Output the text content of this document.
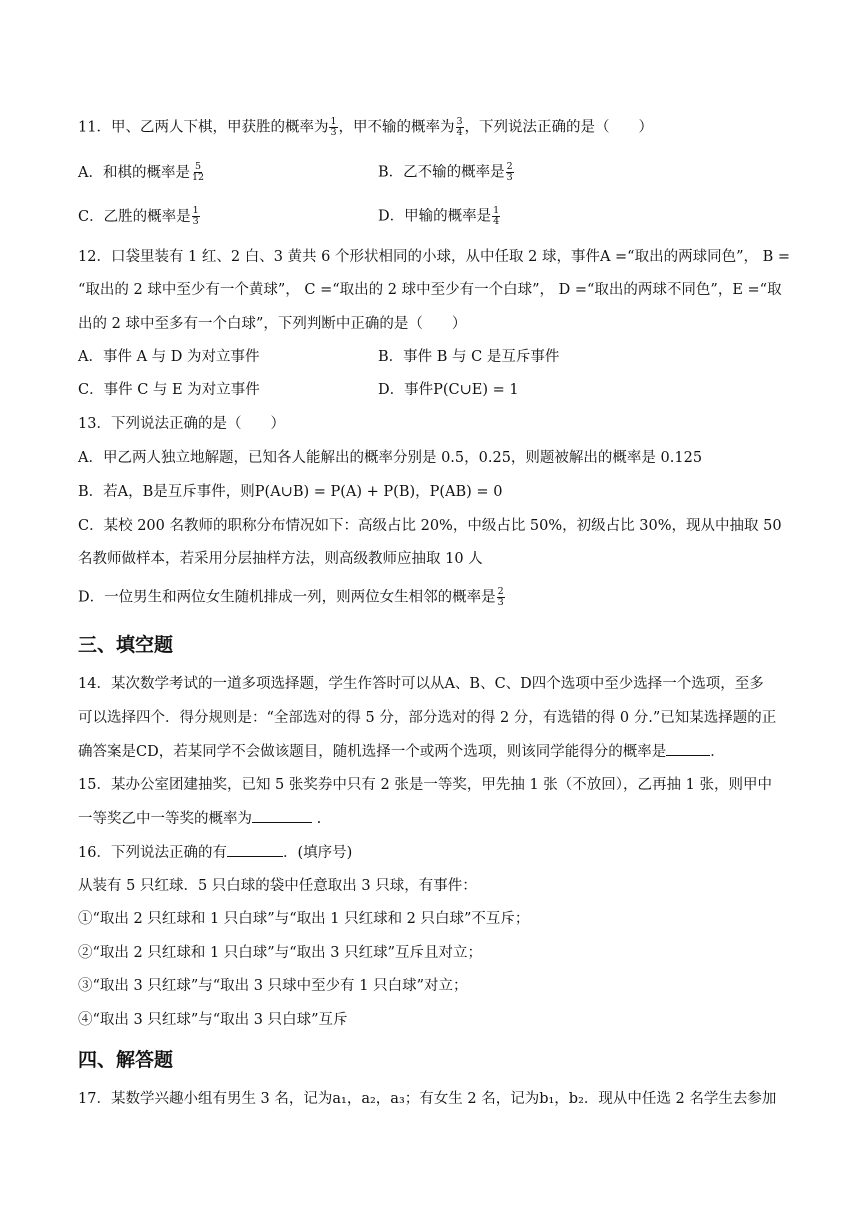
11．甲、乙两人下棋，甲获胜的概率为 $\frac{1}{3}$ ，甲不输的概率为 $\frac{3}{4}$ ，下列说法正确的是（　　）
A．和棋的概率是 $\frac{5}{12}$	B．乙不输的概率是 $\frac{2}{3}$
C．乙胜的概率是 $\frac{1}{3}$	D．甲输的概率是 $\frac{1}{4}$
12．口袋里装有 1 红、2 白、3 黄共 6 个形状相同的小球，从中任取 2 球，事件A =“取出的两球同色”， B =
“取出的 2 球中至少有一个黄球”， C =“取出的 2 球中至少有一个白球”， D =“取出的两球不同色”，E =“取
出的 2 球中至多有一个白球”，下列判断中正确的是（　　）
A．事件 A 与 D 为对立事件	B．事件 B 与 C 是互斥事件
C．事件 C 与 E 为对立事件	D．事件P(C∪E) = 1
13．下列说法正确的是（　　）
A．甲乙两人独立地解题，已知各人能解出的概率分别是 0.5，0.25，则题被解出的概率是 0.125
B．若A，B是互斥事件，则P(A∪B) = P(A) + P(B)，P(AB) = 0
C．某校 200 名教师的职称分布情况如下：高级占比 20%，中级占比 50%，初级占比 30%，现从中抽取 50
名教师做样本，若采用分层抽样方法，则高级教师应抽取 10 人
D．一位男生和两位女生随机排成一列，则两位女生相邻的概率是 $\frac{2}{3}$
三、填空题
14．某次数学考试的一道多项选择题，学生作答时可以从A、B、C、D四个选项中至少选择一个选项，至多
可以选择四个．得分规则是：“全部选对的得 5 分，部分选对的得 2 分，有选错的得 0 分.”已知某选择题的正
确答案是CD，若某同学不会做该题目，随机选择一个或两个选项，则该同学能得分的概率是	．
15．某办公室团建抽奖，已知 5 张奖券中只有 2 张是一等奖，甲先抽 1 张（不放回），乙再抽 1 张，则甲中
一等奖乙中一等奖的概率为	.
16．下列说法正确的有	．(填序号)
从装有 5 只红球．5 只白球的袋中任意取出 3 只球，有事件：
①“取出 2 只红球和 1 只白球”与“取出 1 只红球和 2 只白球”不互斥；
②“取出 2 只红球和 1 只白球”与“取出 3 只红球”互斥且对立；
③“取出 3 只红球”与“取出 3 只球中至少有 1 只白球”对立；
④“取出 3 只红球”与“取出 3 只白球”互斥
四、解答题
17．某数学兴趣小组有男生 3 名，记为a₁，a₂，a₃；有女生 2 名，记为b₁，b₂．现从中任选 2 名学生去参加
